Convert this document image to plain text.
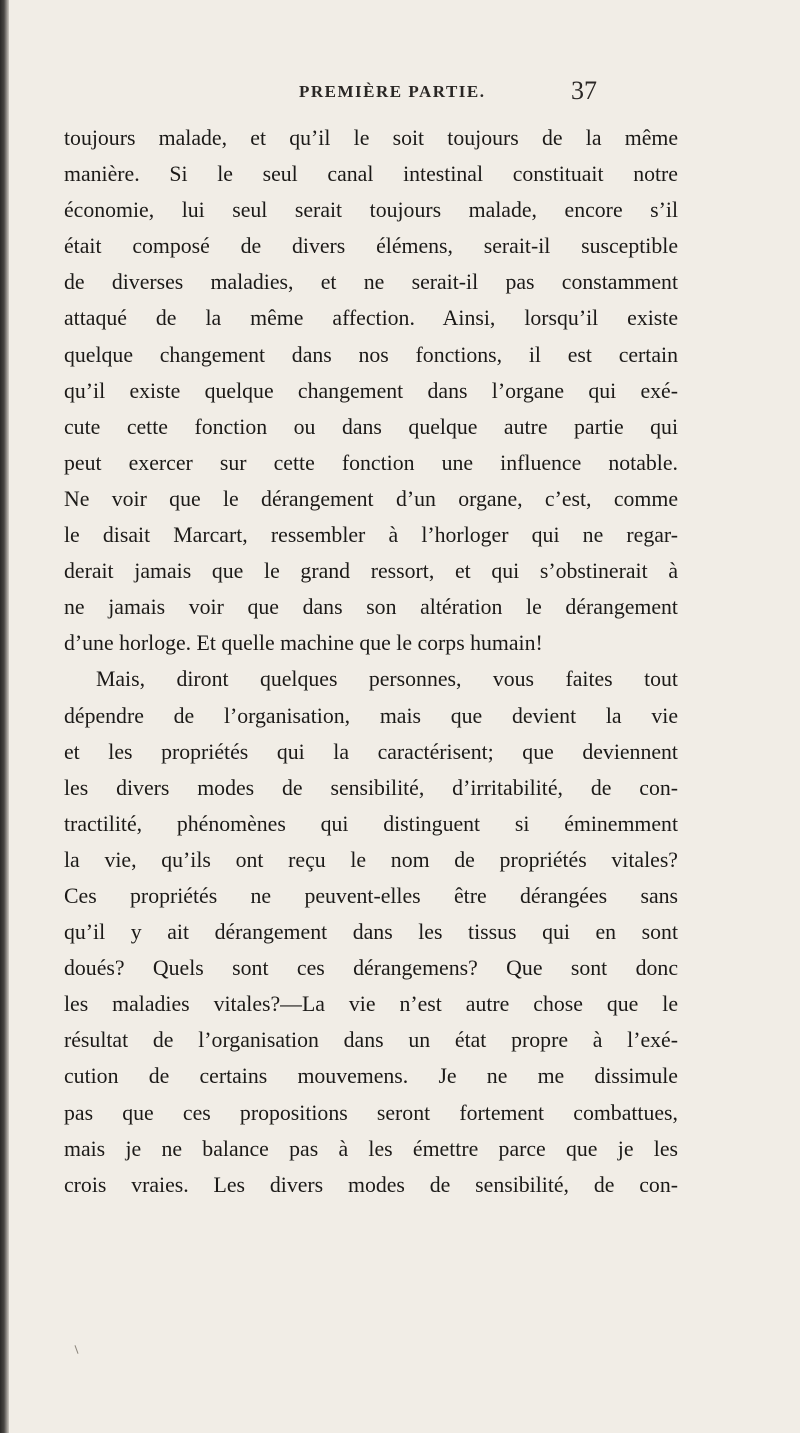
PREMIÈRE PARTIE.	37
toujours malade, et qu’il le soit toujours de la même
manière. Si le seul canal intestinal constituait notre
économie, lui seul serait toujours malade, encore s’il
était composé de divers élémens, serait-il susceptible
de diverses maladies, et ne serait-il pas constamment
attaqué de la même affection. Ainsi, lorsqu’il existe
quelque changement dans nos fonctions, il est certain
qu’il existe quelque changement dans l’organe qui exé-
cute cette fonction ou dans quelque autre partie qui
peut exercer sur cette fonction une influence notable.
Ne voir que le dérangement d’un organe, c’est, comme
le disait Marcart, ressembler à l’horloger qui ne regar-
derait jamais que le grand ressort, et qui s’obstinerait à
ne jamais voir que dans son altération le dérangement
d’une horloge. Et quelle machine que le corps humain!
Mais, diront quelques personnes, vous faites tout
dépendre de l’organisation, mais que devient la vie
et les propriétés qui la caractérisent; que deviennent
les divers modes de sensibilité, d’irritabilité, de con-
tractilité, phénomènes qui distinguent si éminemment
la vie, qu’ils ont reçu le nom de propriétés vitales?
Ces propriétés ne peuvent-elles être dérangées sans
qu’il y ait dérangement dans les tissus qui en sont
doués? Quels sont ces dérangemens? Que sont donc
les maladies vitales?—La vie n’est autre chose que le
résultat de l’organisation dans un état propre à l’exé-
cution de certains mouvemens. Je ne me dissimule
pas que ces propositions seront fortement combattues,
mais je ne balance pas à les émettre parce que je les
crois vraies. Les divers modes de sensibilité, de con-
